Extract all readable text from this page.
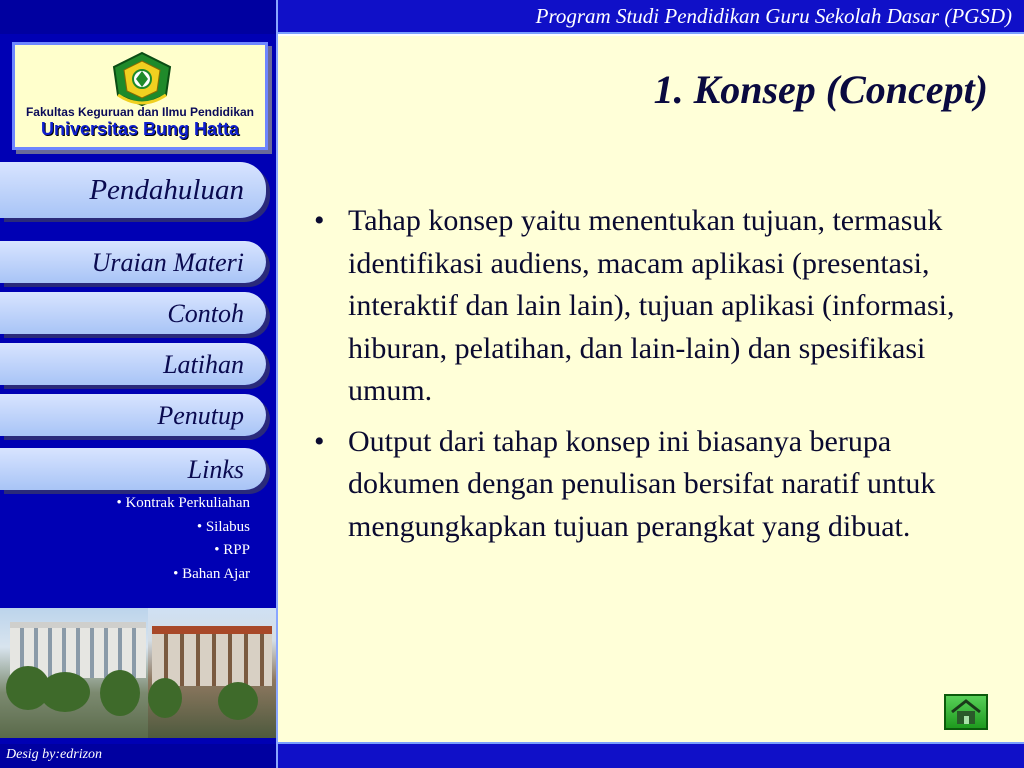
Program Studi Pendidikan Guru Sekolah Dasar (PGSD)
Fakultas Keguruan dan Ilmu Pendidikan
Universitas Bung Hatta
Pendahuluan
Uraian Materi
Contoh
Latihan
Penutup
Links
• Kontrak Perkuliahan
• Silabus
• RPP
• Bahan Ajar
Desig by:edrizon
1. Konsep (Concept)
• Tahap konsep yaitu menentukan tujuan, termasuk identifikasi audiens, macam aplikasi (presentasi, interaktif dan lain lain), tujuan aplikasi (informasi, hiburan, pelatihan, dan lain-lain) dan spesifikasi umum.
• Output dari tahap konsep ini biasanya berupa dokumen dengan penulisan bersifat naratif untuk mengungkapkan tujuan perangkat yang dibuat.
